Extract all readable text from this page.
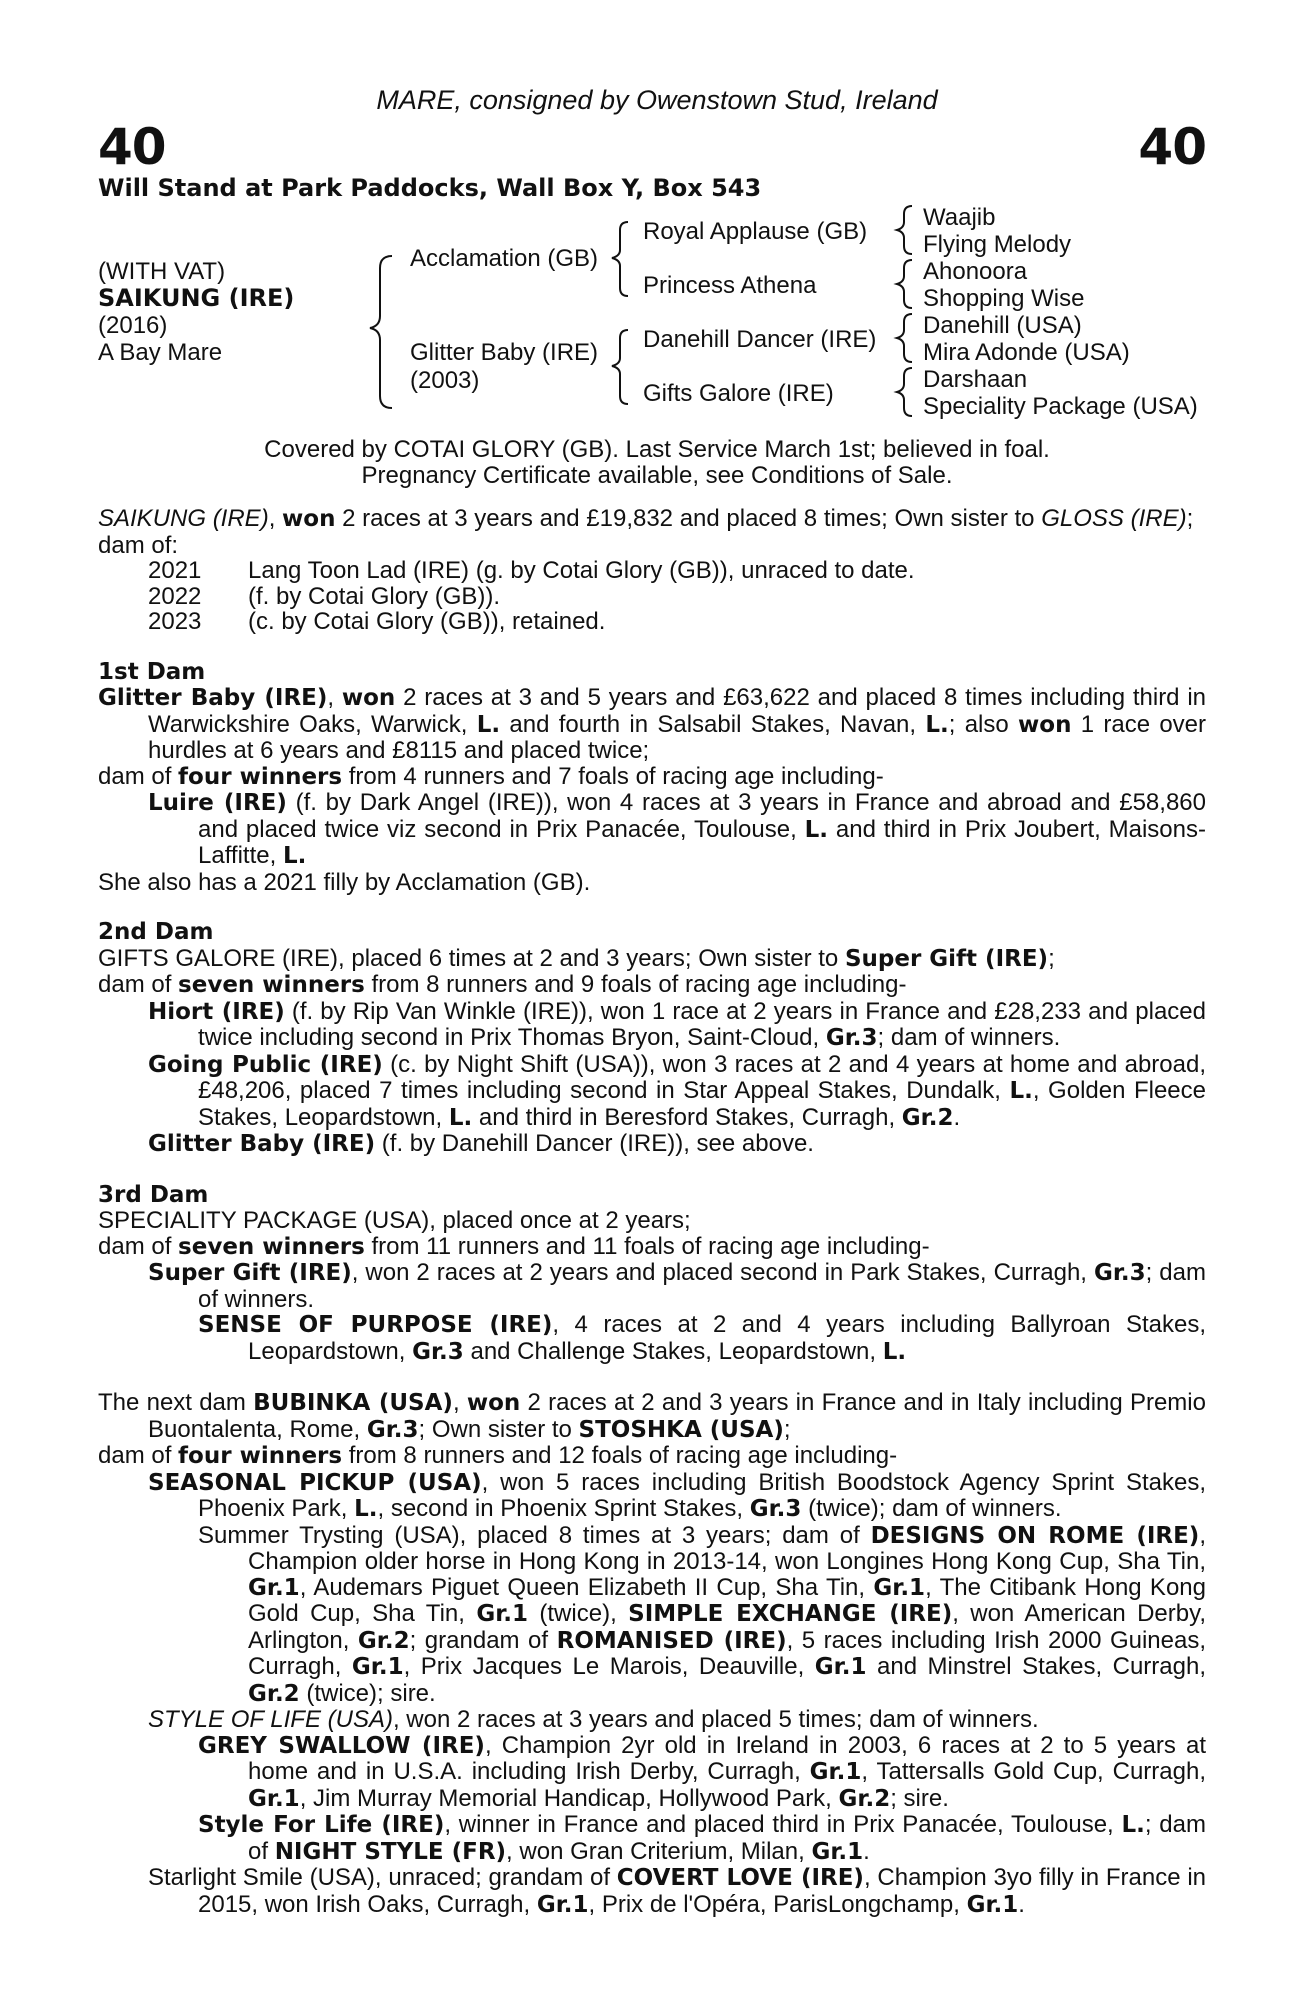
MARE, consigned by Owenstown Stud, Ireland
40	40
Will Stand at Park Paddocks, Wall Box Y, Box 543
(WITH VAT)
SAIKUNG (IRE)
(2016)
A Bay Mare
Acclamation (GB)
Glitter Baby (IRE)
(2003)
Royal Applause (GB)
Princess Athena
Danehill Dancer (IRE)
Gifts Galore (IRE)
Waajib
Flying Melody
Ahonoora
Shopping Wise
Danehill (USA)
Mira Adonde (USA)
Darshaan
Speciality Package (USA)
Covered by COTAI GLORY (GB). Last Service March 1st; believed in foal.
Pregnancy Certificate available, see Conditions of Sale.

SAIKUNG (IRE), won 2 races at 3 years and £19,832 and placed 8 times; Own sister to GLOSS (IRE);

dam of:

2021	Lang Toon Lad (IRE) (g. by Cotai Glory (GB)), unraced to date.
2022	(f. by Cotai Glory (GB)).
2023	(c. by Cotai Glory (GB)), retained.

1st Dam

Glitter Baby (IRE), won 2 races at 3 and 5 years and £63,622 and placed 8 times including third in Warwickshire Oaks, Warwick, L. and fourth in Salsabil Stakes, Navan, L.; also won 1 race over hurdles at 6 years and £8115 and placed twice;

dam of four winners from 4 runners and 7 foals of racing age including-

Luire (IRE) (f. by Dark Angel (IRE)), won 4 races at 3 years in France and abroad and £58,860 and placed twice viz second in Prix Panacée, Toulouse, L. and third in Prix Joubert, Maisons-Laffitte, L.

She also has a 2021 filly by Acclamation (GB).

2nd Dam

GIFTS GALORE (IRE), placed 6 times at 2 and 3 years; Own sister to Super Gift (IRE);

dam of seven winners from 8 runners and 9 foals of racing age including-

Hiort (IRE) (f. by Rip Van Winkle (IRE)), won 1 race at 2 years in France and £28,233 and placed twice including second in Prix Thomas Bryon, Saint-Cloud, Gr.3; dam of winners.

Going Public (IRE) (c. by Night Shift (USA)), won 3 races at 2 and 4 years at home and abroad, £48,206, placed 7 times including second in Star Appeal Stakes, Dundalk, L., Golden Fleece Stakes, Leopardstown, L. and third in Beresford Stakes, Curragh, Gr.2.

Glitter Baby (IRE) (f. by Danehill Dancer (IRE)), see above.

3rd Dam

SPECIALITY PACKAGE (USA), placed once at 2 years;

dam of seven winners from 11 runners and 11 foals of racing age including-

Super Gift (IRE), won 2 races at 2 years and placed second in Park Stakes, Curragh, Gr.3; dam of winners.

SENSE OF PURPOSE (IRE), 4 races at 2 and 4 years including Ballyroan Stakes, Leopardstown, Gr.3 and Challenge Stakes, Leopardstown, L.

The next dam BUBINKA (USA), won 2 races at 2 and 3 years in France and in Italy including Premio Buontalenta, Rome, Gr.3; Own sister to STOSHKA (USA);

dam of four winners from 8 runners and 12 foals of racing age including-

SEASONAL PICKUP (USA), won 5 races including British Boodstock Agency Sprint Stakes, Phoenix Park, L., second in Phoenix Sprint Stakes, Gr.3 (twice); dam of winners.

Summer Trysting (USA), placed 8 times at 3 years; dam of DESIGNS ON ROME (IRE), Champion older horse in Hong Kong in 2013-14, won Longines Hong Kong Cup, Sha Tin, Gr.1, Audemars Piguet Queen Elizabeth II Cup, Sha Tin, Gr.1, The Citibank Hong Kong Gold Cup, Sha Tin, Gr.1 (twice), SIMPLE EXCHANGE (IRE), won American Derby, Arlington, Gr.2; grandam of ROMANISED (IRE), 5 races including Irish 2000 Guineas, Curragh, Gr.1, Prix Jacques Le Marois, Deauville, Gr.1 and Minstrel Stakes, Curragh, Gr.2 (twice); sire.

STYLE OF LIFE (USA), won 2 races at 3 years and placed 5 times; dam of winners.

GREY SWALLOW (IRE), Champion 2yr old in Ireland in 2003, 6 races at 2 to 5 years at home and in U.S.A. including Irish Derby, Curragh, Gr.1, Tattersalls Gold Cup, Curragh, Gr.1, Jim Murray Memorial Handicap, Hollywood Park, Gr.2; sire.

Style For Life (IRE), winner in France and placed third in Prix Panacée, Toulouse, L.; dam of NIGHT STYLE (FR), won Gran Criterium, Milan, Gr.1.

Starlight Smile (USA), unraced; grandam of COVERT LOVE (IRE), Champion 3yo filly in France in 2015, won Irish Oaks, Curragh, Gr.1, Prix de l'Opéra, ParisLongchamp, Gr.1.
